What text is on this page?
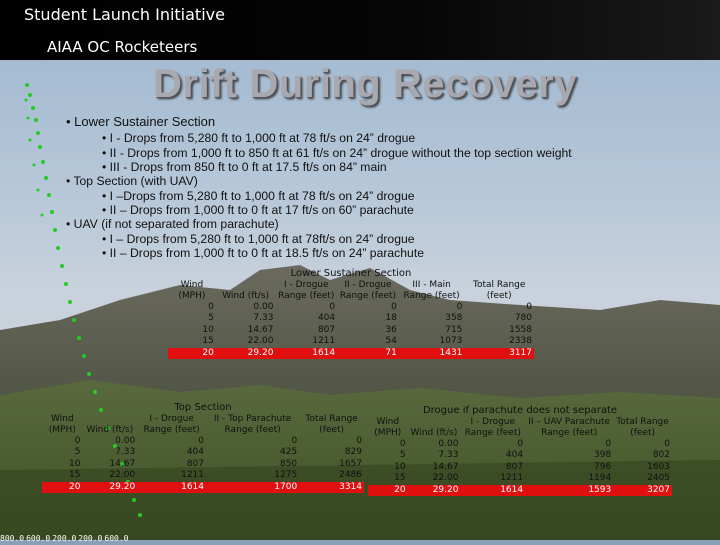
Student Launch Initiative
AIAA OC Rocketeers
Drift During Recovery
• Lower Sustainer Section
• I - Drops from 5,280 ft to 1,000 ft at 78 ft/s on 24” drogue
• II - Drops from 1,000 ft to 850 ft at 61 ft/s on 24” drogue without the top section weight
• III - Drops from 850 ft to 0 ft at 17.5 ft/s on 84” main
• Top Section (with UAV)
• I –Drops from 5,280 ft to 1,000 ft at 78 ft/s on 24” drogue
• II – Drops from 1,000 ft to 0 ft at 17 ft/s on 60” parachute
• UAV (if not separated from parachute)
• I – Drops from 5,280 ft to 1,000 ft at 78ft/s on 24” drogue
• II – Drops from 1,000 ft to 0 ft at 18.5 ft/s on 24” parachute
Lower Sustainer Section					
Wind (MPH)	Wind (ft/s)	I - Drogue Range (feet)	II - Drogue Range (feet)	III - Main Range (feet)	Total Range (feet)
0	0.00	0	0	0	0
5	7.33	404	18	358	780
10	14.67	807	36	715	1558
15	22.00	1211	54	1073	2338
20	29.20	1614	71	1431	3117
Top Section				
Wind (MPH)	Wind (ft/s)	I - Drogue Range (feet)	II - Top Parachute Range (feet)	Total Range (feet)
0	0.00	0	0	0
5	7.33	404	425	829
10	14.67	807	850	1657
15	22.00	1211	1275	2486
20	29.20	1614	1700	3314
Drogue if parachute does not separate				
Wind (MPH)	Wind (ft/s)	I - Drogue Range (feet)	II – UAV Parachute Range (feet)	Total Range (feet)
0	0.00	0	0	0
5	7.33	404	398	802
10	14.67	807	796	1603
15	22.00	1211	1194	2405
20	29.20	1614	1593	3207
800.0 600.0 200.0 200.0 600.0
